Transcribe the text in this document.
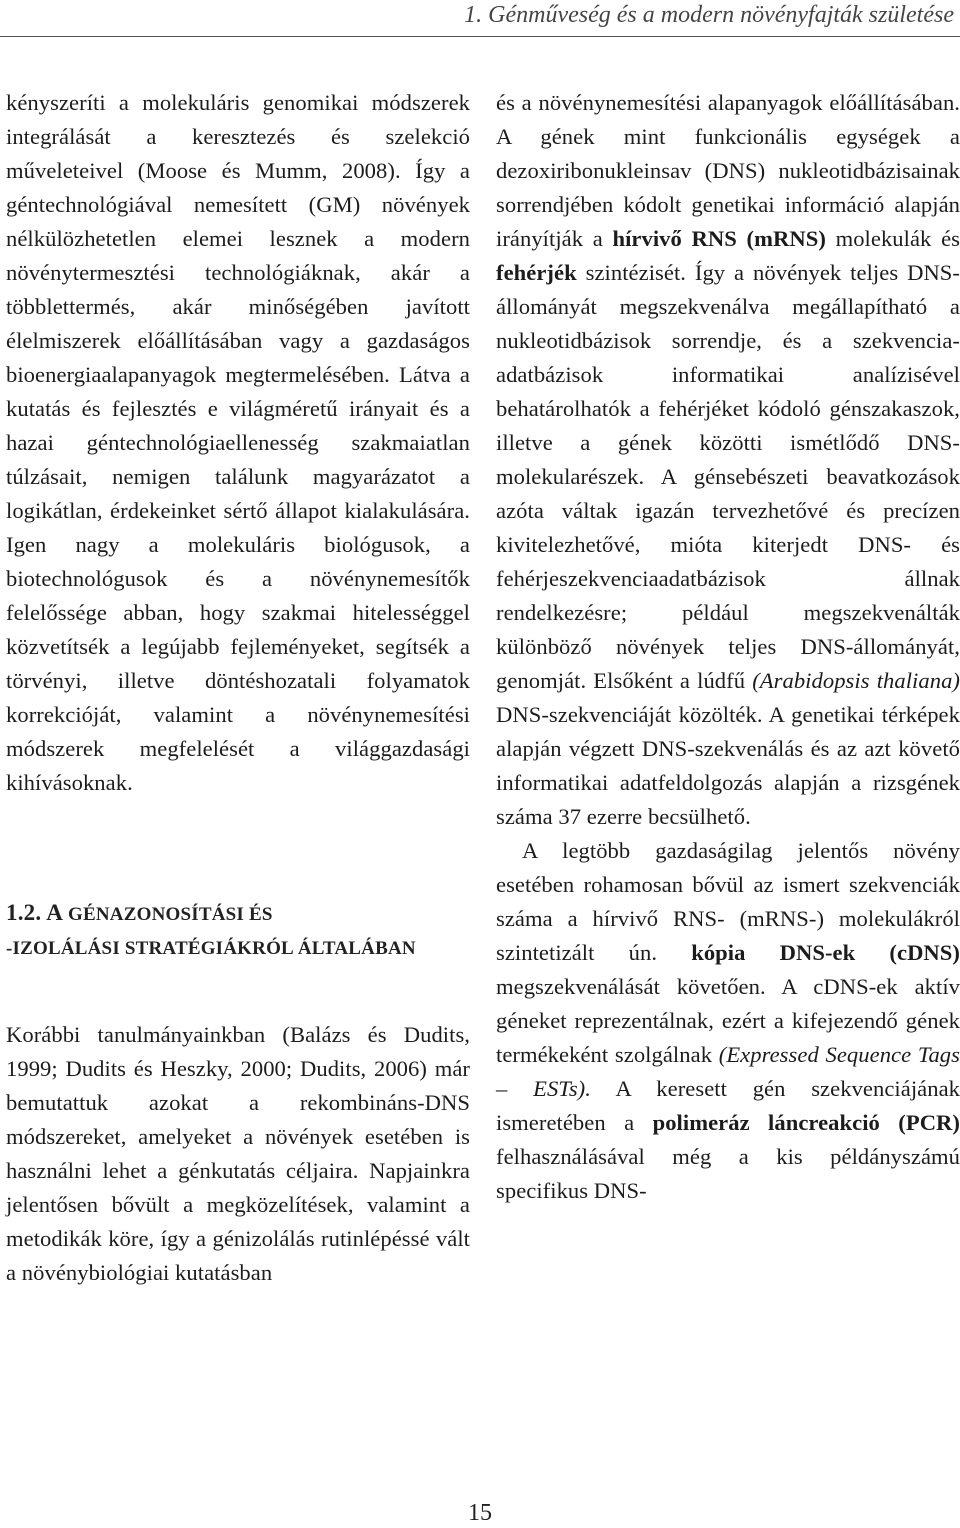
1. Génműveség és a modern növényfajták születése

kényszeríti a molekuláris genomikai módszerek integrálását a keresztezés és szelekció műveleteivel (Moose és Mumm, 2008). Így a géntechnológiával nemesített (GM) növények nélkülözhetetlen elemei lesznek a modern növénytermesztési technológiáknak, akár a többlettermés, akár minőségében javított élelmiszerek előállításában vagy a gazdaságos bioenergiaalapanyagok megtermelésében. Látva a kutatás és fejlesztés e világméretű irányait és a hazai géntechnológiaellenesség szakmaiatlan túlzásait, nemigen találunk magyarázatot a logikátlan, érdekeinket sértő állapot kialakulására. Igen nagy a molekuláris biológusok, a biotechnológusok és a növénynemesítők felelőssége abban, hogy szakmai hitelességgel közvetítsék a legújabb fejleményeket, segítsék a törvényi, illetve döntéshozatali folyamatok korrekcióját, valamint a növénynemesítési módszerek megfelelését a világgazdasági kihívásoknak.

1.2. A GÉNAZONOSÍTÁSI ÉS
-IZOLÁLÁSI STRATÉGIÁKRÓL ÁLTALÁBAN

Korábbi tanulmányainkban (Balázs és Dudits, 1999; Dudits és Heszky, 2000; Dudits, 2006) már bemutattuk azokat a rekombináns-DNS módszereket, amelyeket a növények esetében is használni lehet a génkutatás céljaira. Napjainkra jelentősen bővült a megközelítések, valamint a metodikák köre, így a génizolálás rutinlépéssé vált a növénybiológiai kutatásban

és a növénynemesítési alapanyagok előállításában. A gének mint funkcionális egységek a dezoxiribonukleinsav (DNS) nukleotidbázisainak sorrendjében kódolt genetikai információ alapján irányítják a hírvivő RNS (mRNS) molekulák és fehérjék szintézisét. Így a növények teljes DNS-állományát megszekvenálva megállapítható a nukleotidbázisok sorrendje, és a szekvencia-adatbázisok informatikai analízisével behatárolhatók a fehérjéket kódoló génszakaszok, illetve a gének közötti ismétlődő DNS-molekularészek. A génsebészeti beavatkozások azóta váltak igazán tervezhetővé és precízen kivitelezhetővé, mióta kiterjedt DNS- és fehérjeszekvenciaadatbázisok állnak rendelkezésre; például megszekvenálták különböző növények teljes DNS-állományát, genomját. Elsőként a lúdfű (Arabidopsis thaliana) DNS-szekvenciáját közölték. A genetikai térképek alapján végzett DNS-szekvenálás és az azt követő informatikai adatfeldolgozás alapján a rizsgének száma 37 ezerre becsülhető.

A legtöbb gazdaságilag jelentős növény esetében rohamosan bővül az ismert szekvenciák száma a hírvivő RNS- (mRNS-) molekulákról szintetizált ún. kópia DNS-ek (cDNS) megszekvenálását követően. A cDNS-ek aktív géneket reprezentálnak, ezért a kifejezendő gének termékeként szolgálnak (Expressed Sequence Tags – ESTs). A keresett gén szekvenciájának ismeretében a polimeráz láncreakció (PCR) felhasználásával még a kis példányszámú specifikus DNS-

15
